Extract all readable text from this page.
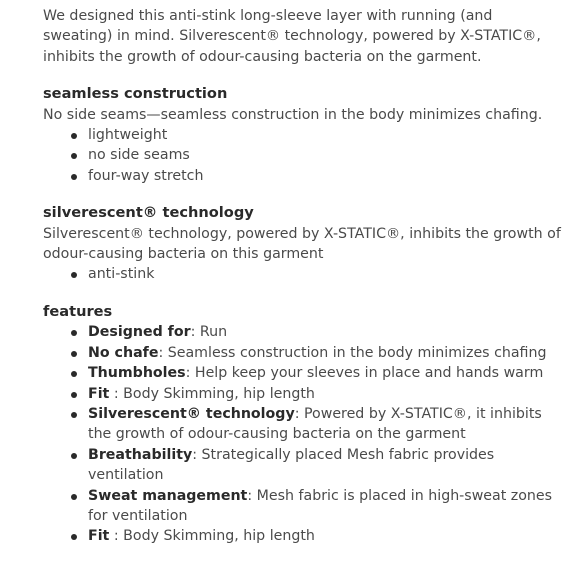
We designed this anti-stink long-sleeve layer with running (and sweating) in mind. Silverescent® technology, powered by X-STATIC®, inhibits the growth of odour-causing bacteria on the garment.

seamless construction

No side seams—seamless construction in the body minimizes chafing.

lightweight
no side seams
four-way stretch
silverescent® technology

Silverescent® technology, powered by X-STATIC®, inhibits the growth of odour-causing bacteria on this garment

anti-stink
features
Designed for: Run
No chafe: Seamless construction in the body minimizes chafing
Thumbholes: Help keep your sleeves in place and hands warm
Fit : Body Skimming, hip length
Silverescent® technology: Powered by X-STATIC®, it inhibits the growth of odour-causing bacteria on the garment
Breathability: Strategically placed Mesh fabric provides ventilation
Sweat management: Mesh fabric is placed in high-sweat zones for ventilation
Fit : Body Skimming, hip length
